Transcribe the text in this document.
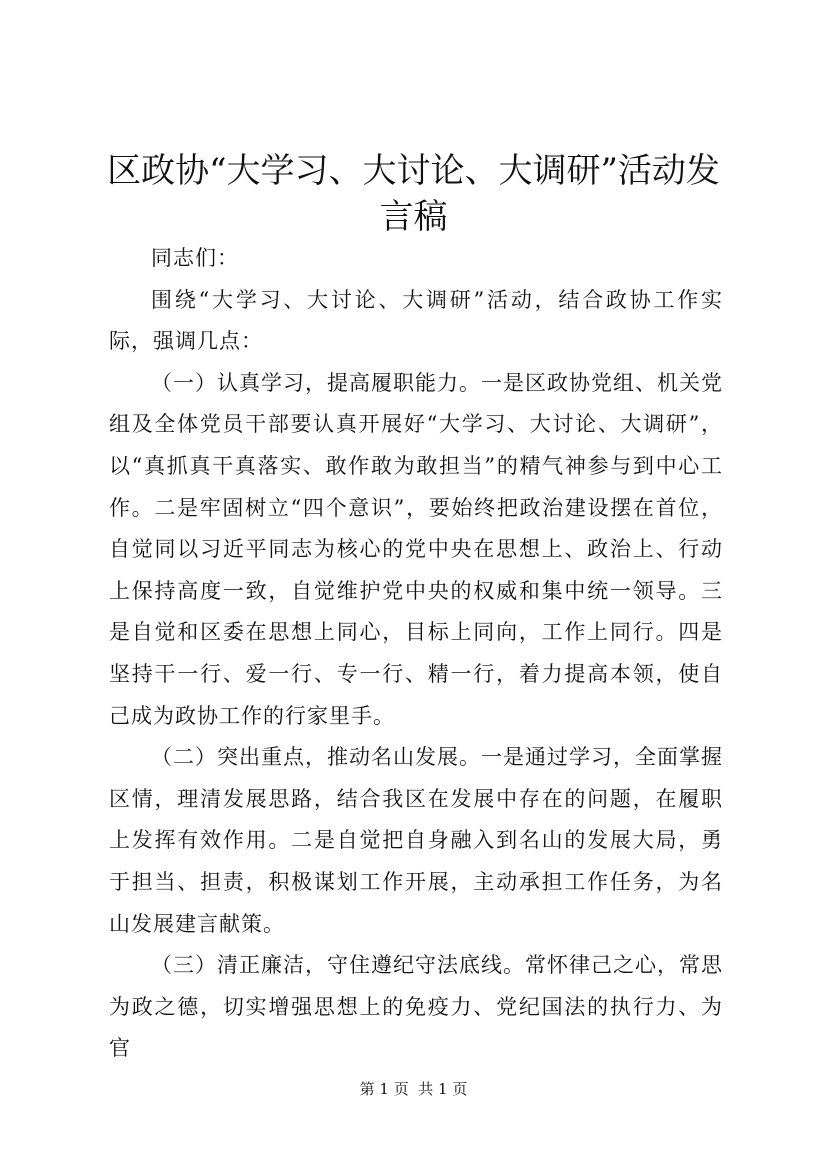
区政协“大学习、大讨论、大调研”活动发言稿

同志们：

围绕“大学习、大讨论、大调研”活动，结合政协工作实际，强调几点：

（一）认真学习，提高履职能力。一是区政协党组、机关党组及全体党员干部要认真开展好“大学习、大讨论、大调研”，以“真抓真干真落实、敢作敢为敢担当”的精气神参与到中心工作。二是牢固树立“四个意识”，要始终把政治建设摆在首位，自觉同以习近平同志为核心的党中央在思想上、政治上、行动上保持高度一致，自觉维护党中央的权威和集中统一领导。三是自觉和区委在思想上同心，目标上同向，工作上同行。四是坚持干一行、爱一行、专一行、精一行，着力提高本领，使自己成为政协工作的行家里手。

（二）突出重点，推动名山发展。一是通过学习，全面掌握区情，理清发展思路，结合我区在发展中存在的问题，在履职上发挥有效作用。二是自觉把自身融入到名山的发展大局，勇于担当、担责，积极谋划工作开展，主动承担工作任务，为名山发展建言献策。

（三）清正廉洁，守住遵纪守法底线。常怀律己之心，常思为政之德，切实增强思想上的免疫力、党纪国法的执行力、为官

第 1 页  共 1 页
